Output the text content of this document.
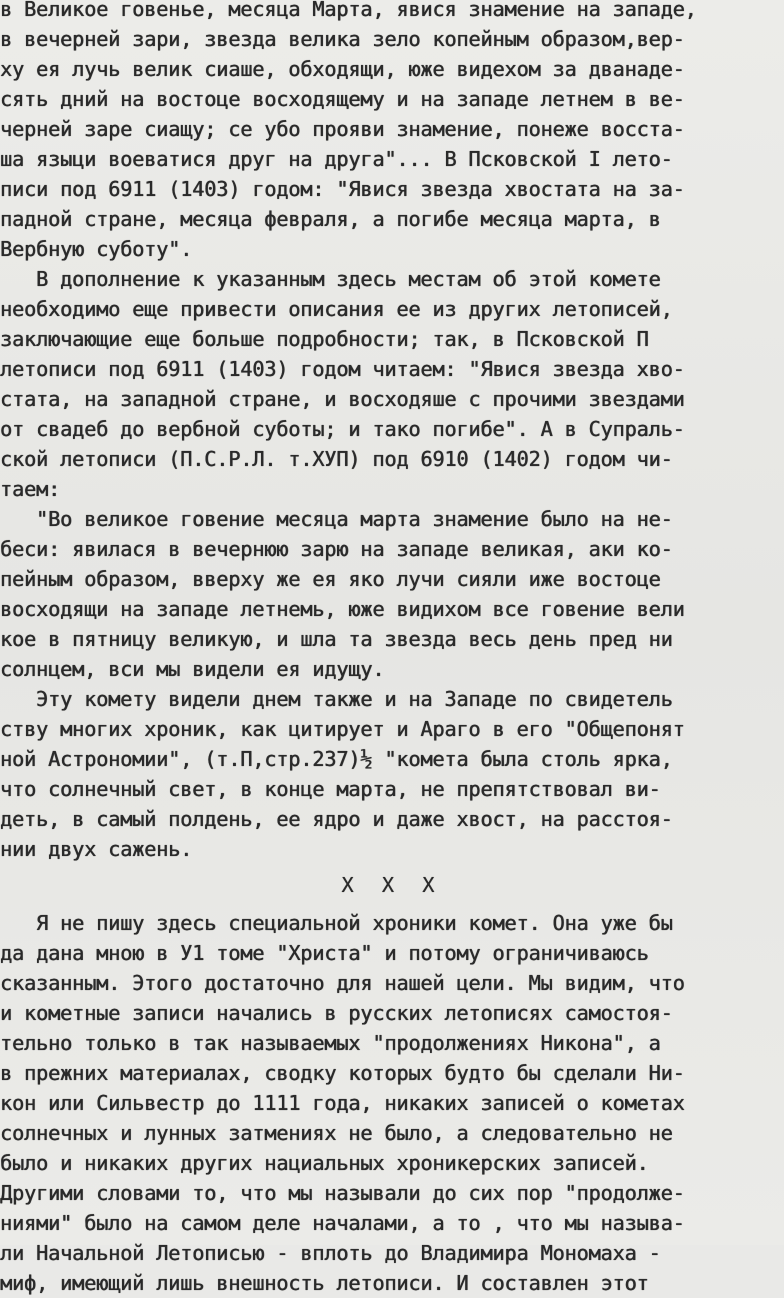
в Великое говенье, месяца Марта, явися знамение на западе,
в вечерней зари, звезда велика зело копейным образом,вер-
ху ея лучь велик сиаше, обходящи, юже видехом за дванаде-
сять дний на востоце восходящему и на западе летнем в ве-
черней заре сиащу; се убо прояви знамение, понеже восста-
ша языци воеватися друг на друга"... В Псковской I лето-
писи под 6911 (1403) годом: "Явися звезда хвостата на за-
падной стране, месяца февраля, а погибе месяца марта, в
Вербную суботу".
В дополнение к указанным здесь местам об этой комете
необходимо еще привести описания ее из других летописей,
заключающие еще больше подробности; так, в Псковской П
летописи под 6911 (1403) годом читаем: "Явися звезда хво-
стата, на западной стране, и восходяше с прочими звездами
от свадеб до вербной суботы; и тако погибе". А в Супраль-
ской летописи (П.С.Р.Л. т.ХУП) под 6910 (1402) годом чи-
таем:
"Во великое говение месяца марта знамение было на не-
беси: явилася в вечернюю зарю на западе великая, аки ко-
пейным образом, вверху же ея яко лучи сияли иже востоце
восходящи на западе летнемь, юже видихом все говение вели
кое в пятницу великую, и шла та звезда весь день пред ни
солнцем, вси мы видели ея идущу.
Эту комету видели днем также и на Западе по свидетель
ству многих хроник, как цитирует и Араго в его "Общепонят
ной Астрономии", (т.П,стр.237)½ "комета была столь ярка,
что солнечный свет, в конце марта, не препятствовал ви-
деть, в самый полдень, ее ядро и даже хвост, на расстоя-
нии двух сажень.
Х Х Х
Я не пишу здесь специальной хроники комет. Она уже бы
да дана мною в У1 томе "Христа" и потому ограничиваюсь
сказанным. Этого достаточно для нашей цели. Мы видим, что
и кометные записи начались в русских летописях самостоя-
тельно только в так называемых "продолжениях Никона", а
в прежних материалах, сводку которых будто бы сделали Ни-
кон или Сильвестр до 1111 года, никаких записей о кометах
солнечных и лунных затмениях не было, а следовательно не
было и никаких других нациальных хроникерских записей.
Другими словами то, что мы называли до сих пор "продолже-
ниями" было на самом деле началами, а то , что мы называ-
ли Начальной Летописью - вплоть до Владимира Мономаха -
миф, имеющий лишь внешность летописи. И составлен этот
